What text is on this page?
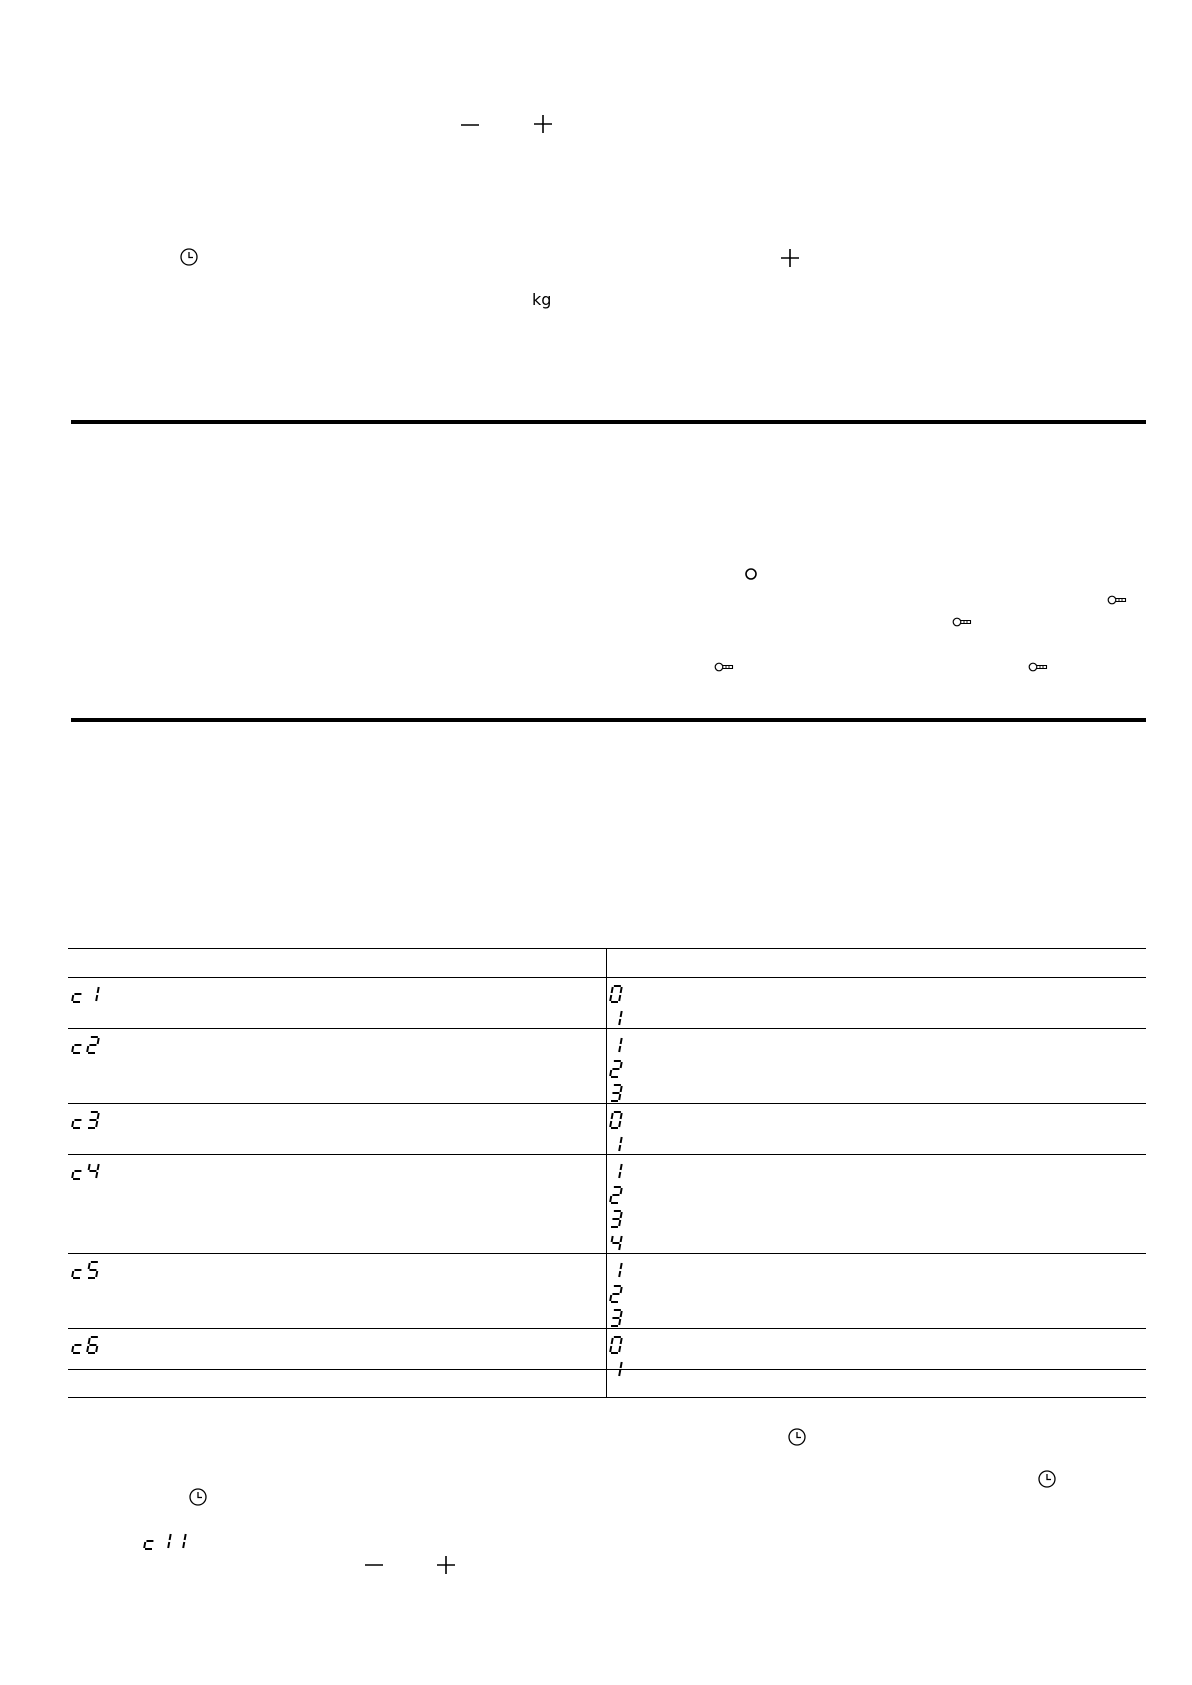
kg
